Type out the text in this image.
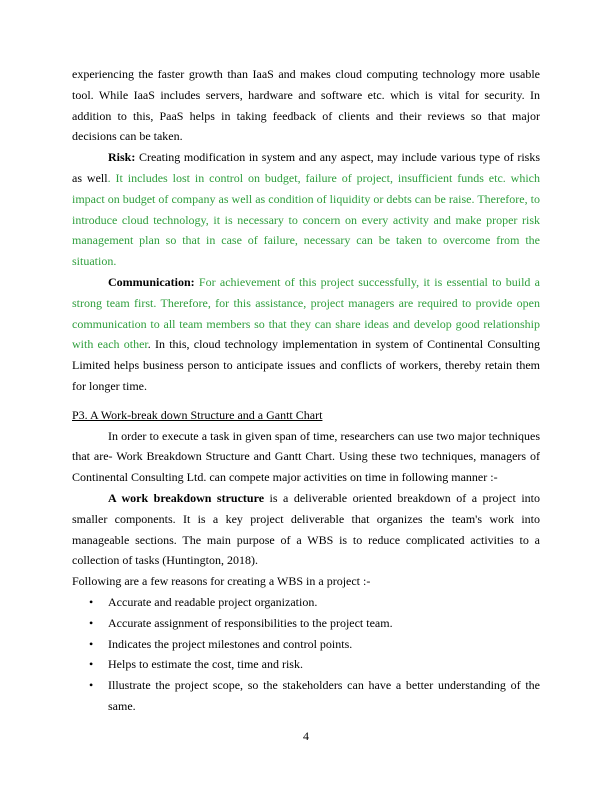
experiencing the faster growth than IaaS and makes cloud computing technology more usable tool. While IaaS includes servers, hardware and software etc. which is vital for security. In addition to this, PaaS helps in taking feedback of clients and their reviews so that major decisions can be taken.

Risk: Creating modification in system and any aspect, may include various type of risks as well. It includes lost in control on budget, failure of project, insufficient funds etc. which impact on budget of company as well as condition of liquidity or debts can be raise. Therefore, to introduce cloud technology, it is necessary to concern on every activity and make proper risk management plan so that in case of failure, necessary can be taken to overcome from the situation.

Communication: For achievement of this project successfully, it is essential to build a strong team first. Therefore, for this assistance, project managers are required to provide open communication to all team members so that they can share ideas and develop good relationship with each other. In this, cloud technology implementation in system of Continental Consulting Limited helps business person to anticipate issues and conflicts of workers, thereby retain them for longer time.

P3. A Work-break down Structure and a Gantt Chart

In order to execute a task in given span of time, researchers can use two major techniques that are- Work Breakdown Structure and Gantt Chart. Using these two techniques, managers of Continental Consulting Ltd. can compete major activities on time in following manner :-

A work breakdown structure is a deliverable oriented breakdown of a project into smaller components. It is a key project deliverable that organizes the team's work into manageable sections. The main purpose of a WBS is to reduce complicated activities to a collection of tasks (Huntington, 2018).

Following are a few reasons for creating a WBS in a project :-

• Accurate and readable project organization.
• Accurate assignment of responsibilities to the project team.
• Indicates the project milestones and control points.
• Helps to estimate the cost, time and risk.
• Illustrate the project scope, so the stakeholders can have a better understanding of the same.
4
